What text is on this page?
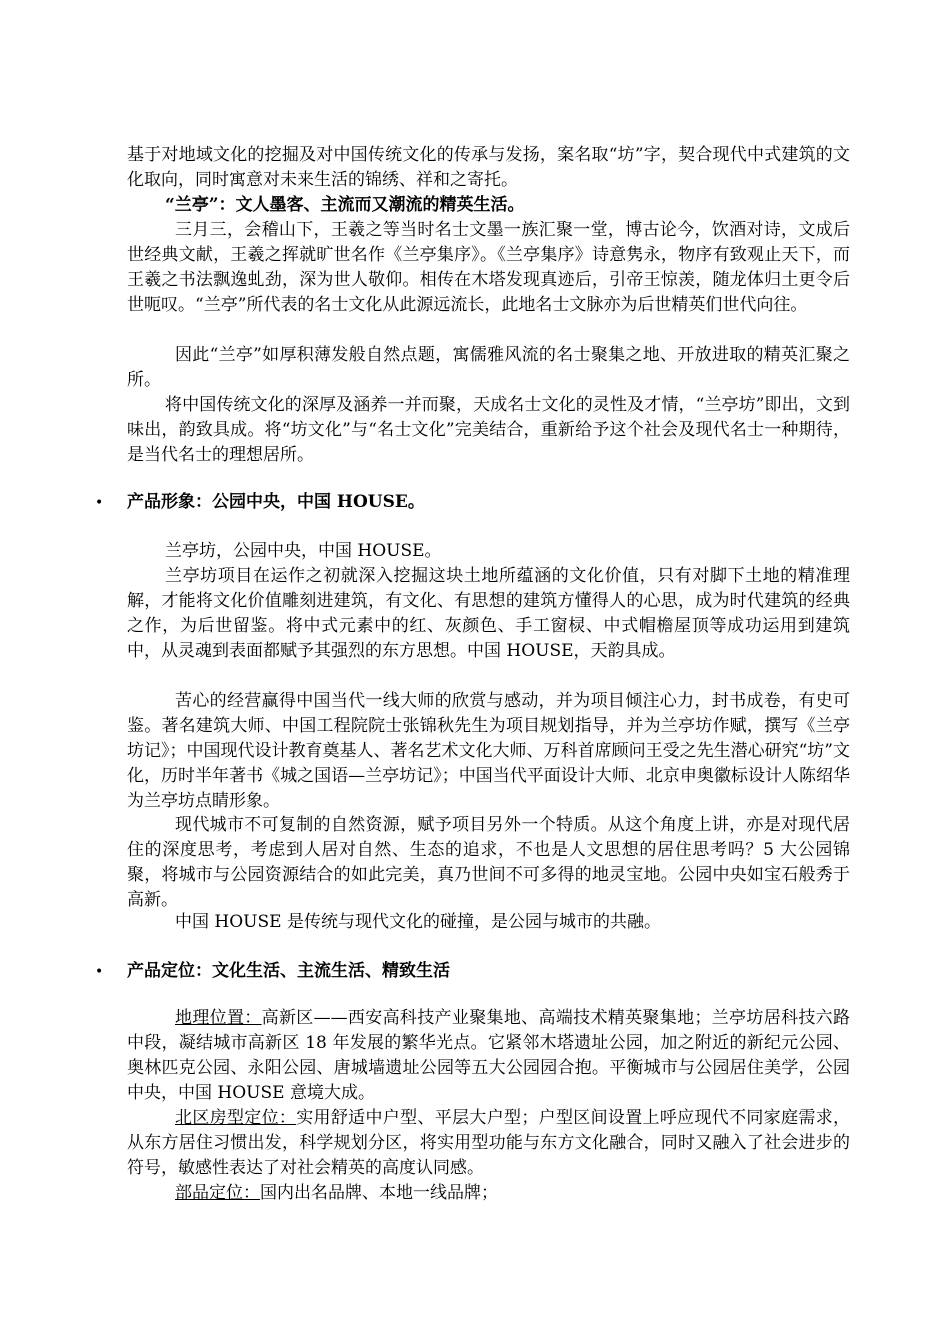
基于对地域文化的挖掘及对中国传统文化的传承与发扬，案名取“坊”字，契合现代中式建筑的文化取向，同时寓意对未来生活的锦绣、祥和之寄托。

“兰亭”：文人墨客、主流而又潮流的精英生活。

三月三，会稽山下，王羲之等当时名士文墨一族汇聚一堂，博古论今，饮酒对诗，文成后世经典文献，王羲之挥就旷世名作《兰亭集序》。《兰亭集序》诗意隽永，物序有致观止天下，而王羲之书法飘逸虬劲，深为世人敬仰。相传在木塔发现真迹后，引帝王惊羡，随龙体归土更令后世呃叹。“兰亭”所代表的名士文化从此源远流长，此地名士文脉亦为后世精英们世代向往。

因此“兰亭”如厚积薄发般自然点题，寓儒雅风流的名士聚集之地、开放进取的精英汇聚之所。

将中国传统文化的深厚及涵养一并而聚，天成名士文化的灵性及才情，“兰亭坊”即出，文到味出，韵致具成。将“坊文化”与“名士文化”完美结合，重新给予这个社会及现代名士一种期待，是当代名士的理想居所。

• 产品形象：公园中央，中国 HOUSE。

兰亭坊，公园中央，中国 HOUSE。

兰亭坊项目在运作之初就深入挖掘这块土地所蕴涵的文化价值，只有对脚下土地的精准理解，才能将文化价值雕刻进建筑，有文化、有思想的建筑方懂得人的心思，成为时代建筑的经典之作，为后世留鉴。将中式元素中的红、灰颜色、手工窗棂、中式帽檐屋顶等成功运用到建筑中，从灵魂到表面都赋予其强烈的东方思想。中国 HOUSE，天韵具成。

苦心的经营赢得中国当代一线大师的欣赏与感动，并为项目倾注心力，封书成卷，有史可鉴。著名建筑大师、中国工程院院士张锦秋先生为项目规划指导，并为兰亭坊作赋，撰写《兰亭坊记》；中国现代设计教育奠基人、著名艺术文化大师、万科首席顾问王受之先生潜心研究“坊”文化，历时半年著书《城之国语—兰亭坊记》；中国当代平面设计大师、北京申奥徽标设计人陈绍华为兰亭坊点睛形象。

现代城市不可复制的自然资源，赋予项目另外一个特质。从这个角度上讲，亦是对现代居住的深度思考，考虑到人居对自然、生态的追求，不也是人文思想的居住思考吗？5 大公园锦聚，将城市与公园资源结合的如此完美，真乃世间不可多得的地灵宝地。公园中央如宝石般秀于高新。

中国 HOUSE 是传统与现代文化的碰撞，是公园与城市的共融。

• 产品定位：文化生活、主流生活、精致生活

地理位置：高新区——西安高科技产业聚集地、高端技术精英聚集地；兰亭坊居科技六路中段，凝结城市高新区 18 年发展的繁华光点。它紧邻木塔遗址公园，加之附近的新纪元公园、奥林匹克公园、永阳公园、唐城墙遗址公园等五大公园园合抱。平衡城市与公园居住美学，公园中央，中国 HOUSE 意境大成。

北区房型定位：实用舒适中户型、平层大户型；户型区间设置上呼应现代不同家庭需求，从东方居住习惯出发，科学规划分区，将实用型功能与东方文化融合，同时又融入了社会进步的符号，敏感性表达了对社会精英的高度认同感。

部品定位：国内出名品牌、本地一线品牌；
